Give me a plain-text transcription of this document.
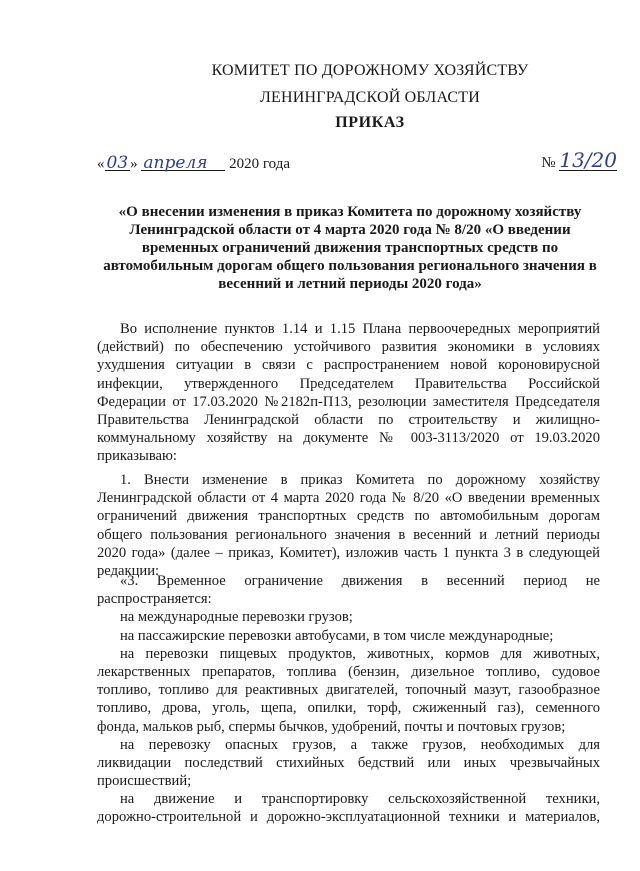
КОМИТЕТ ПО ДОРОЖНОМУ ХОЗЯЙСТВУ
ЛЕНИНГРАДСКОЙ ОБЛАСТИ
ПРИКАЗ
« 03 » апреля 2020 года	№ 13/20
«О внесении изменения в приказ Комитета по дорожному хозяйству
Ленинградской области от 4 марта 2020 года № 8/20 «О введении
временных ограничений движения транспортных средств по
автомобильным дорогам общего пользования регионального значения в
весенний и летний периоды 2020 года»
Во исполнение пунктов 1.14 и 1.15 Плана первоочередных мероприятий
(действий) по обеспечению устойчивого развития экономики в условиях
ухудшения ситуации в связи с распространением новой короновирусной
инфекции, утвержденного Председателем Правительства Российской
Федерации от 17.03.2020 №2182п-П13, резолюции заместителя Председателя
Правительства Ленинградской области по строительству и жилищно-
коммунальному хозяйству на документе № 003-3113/2020 от 19.03.2020
приказываю:
1. Внести изменение в приказ Комитета по дорожному хозяйству
Ленинградской области от 4 марта 2020 года № 8/20 «О введении временных
ограничений движения транспортных средств по автомобильным дорогам
общего пользования регионального значения в весенний и летний периоды
2020 года» (далее – приказ, Комитет), изложив часть 1 пункта 3 в следующей
редакции:
«3. Временное ограничение движения в весенний период не
распространяется:
на международные перевозки грузов;
на пассажирские перевозки автобусами, в том числе международные;
на перевозки пищевых продуктов, животных, кормов для животных,
лекарственных препаратов, топлива (бензин, дизельное топливо, судовое
топливо, топливо для реактивных двигателей, топочный мазут, газообразное
топливо, дрова, уголь, щепа, опилки, торф, сжиженный газ), семенного
фонда, мальков рыб, спермы бычков, удобрений, почты и почтовых грузов;
на перевозку опасных грузов, а также грузов, необходимых для
ликвидации последствий стихийных бедствий или иных чрезвычайных
происшествий;
на движение и транспортировку сельскохозяйственной техники,
дорожно-строительной и дорожно-эксплуатационной техники и материалов,
